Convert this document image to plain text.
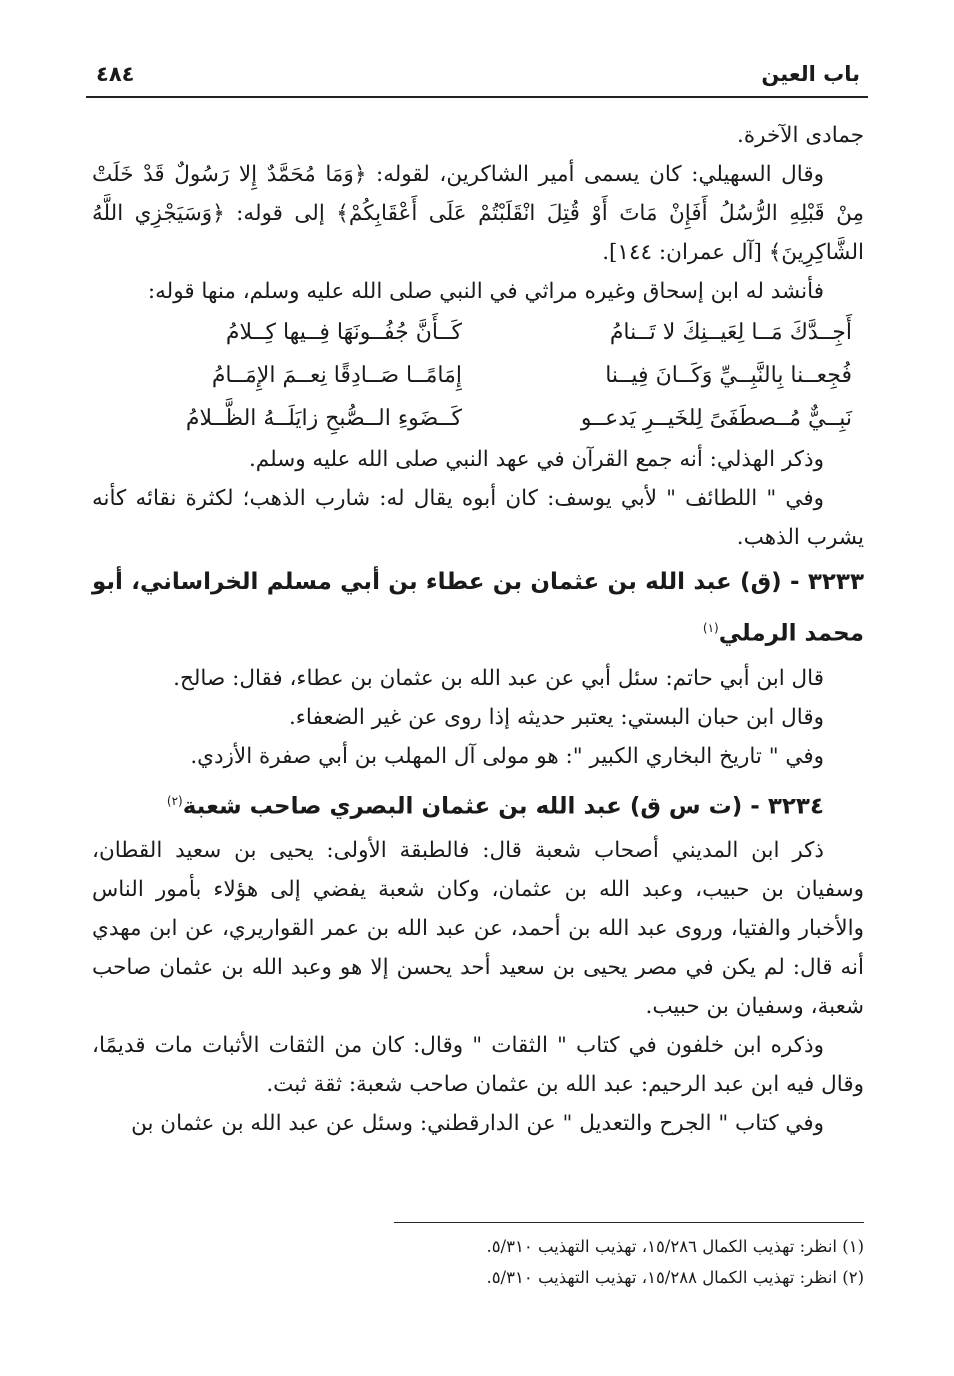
باب العين
٤٨٤

جمادى الآخرة.

وقال السهيلي: كان يسمى أمير الشاكرين، لقوله: ﴿وَمَا مُحَمَّدٌ إِلا رَسُولٌ قَدْ خَلَتْ مِنْ قَبْلِهِ الرُّسُلُ أَفَإِنْ مَاتَ أَوْ قُتِلَ انْقَلَبْتُمْ عَلَى أَعْقَابِكُمْ﴾ إلى قوله: ﴿وَسَيَجْزِي اللَّهُ الشَّاكِرِينَ﴾ [آل عمران: ١٤٤].

فأنشد له ابن إسحاق وغيره مراثي في النبي صلى الله عليه وسلم، منها قوله:

أَجِــدَّكَ مَــا لِعَيــنِكَ لا تَــنامُ
كَــأَنَّ جُفُــونَهَا فِــيها كِــلامُ
فُجِعــنا بِالنَّبِــيِّ وَكَــانَ فِيــنا
إِمَامًــا صَــادِقًا نِعــمَ الإِمَــامُ
نَبِــيٌّ مُــصطَفَىً لِلخَيــرِ يَدعــو
كَــضَوءِ الــصُّبحِ زايَلَــهُ الظَّــلامُ

وذكر الهذلي: أنه جمع القرآن في عهد النبي صلى الله عليه وسلم.

وفي " اللطائف " لأبي يوسف: كان أبوه يقال له: شارب الذهب؛ لكثرة نقائه كأنه يشرب الذهب.

٣٢٣٣ - (ق) عبد الله بن عثمان بن عطاء بن أبي مسلم الخراساني، أبو محمد الرملي$^{(١)}$

قال ابن أبي حاتم: سئل أبي عن عبد الله بن عثمان بن عطاء، فقال: صالح.

وقال ابن حبان البستي: يعتبر حديثه إذا روى عن غير الضعفاء.

وفي " تاريخ البخاري الكبير ": هو مولى آل المهلب بن أبي صفرة الأزدي.

٣٢٣٤ - (ت س ق) عبد الله بن عثمان البصري صاحب شعبة$^{(٢)}$

ذكر ابن المديني أصحاب شعبة قال: فالطبقة الأولى: يحيى بن سعيد القطان، وسفيان بن حبيب، وعبد الله بن عثمان، وكان شعبة يفضي إلى هؤلاء بأمور الناس والأخبار والفتيا، وروى عبد الله بن أحمد، عن عبد الله بن عمر القواريري، عن ابن مهدي أنه قال: لم يكن في مصر يحيى بن سعيد أحد يحسن إلا هو وعبد الله بن عثمان صاحب شعبة، وسفيان بن حبيب.

وذكره ابن خلفون في كتاب " الثقات " وقال: كان من الثقات الأثبات مات قديمًا، وقال فيه ابن عبد الرحيم: عبد الله بن عثمان صاحب شعبة: ثقة ثبت.

وفي كتاب " الجرح والتعديل " عن الدارقطني: وسئل عن عبد الله بن عثمان بن

(١) انظر: تهذيب الكمال ١٥/٢٨٦، تهذيب التهذيب ٥/٣١٠.

(٢) انظر: تهذيب الكمال ١٥/٢٨٨، تهذيب التهذيب ٥/٣١٠.
